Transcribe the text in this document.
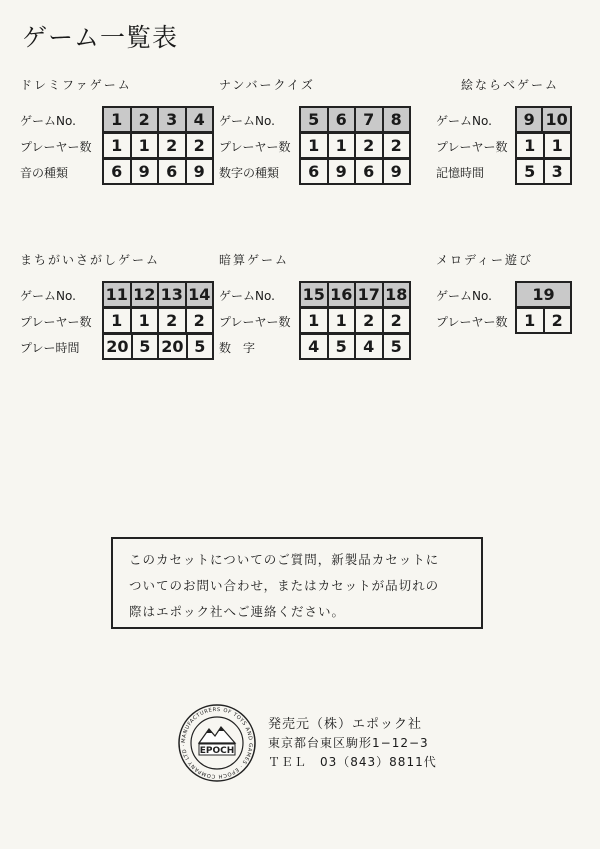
ゲーム一覧表
ドレミファゲーム
ゲームNo. 1	2	3	4
プレーヤー数 1	1	2	2
音の種類	6	9	6	9
ナンバークイズ
ゲームNo. 5	6	7	8
プレーヤー数 1	1	2	2
数字の種類 6	9	6	9
絵ならべゲーム
ゲームNo. 9	10
プレーヤー数 1	1
記憶時間	5	3
まちがいさがしゲーム
ゲームNo. 11	12	13	14
プレーヤー数 1	1	2	2
プレー時間 20	5	20	5
暗算ゲーム
ゲームNo. 15	16	17	18
プレーヤー数 1	1	2	2
数　字	4	5	4	5
メロディー遊び
ゲームNo.	19
プレーヤー数 1	2
このカセットについてのご質問，新製品カセットに
ついてのお問い合わせ，またはカセットが品切れの
際はエポック社へご連絡ください。
MANUFACTURERS OF TOYS AND GAMES · EPOCH COMPANY LTD ·
EPOCH
発売元（株）エポック社
東京都台東区駒形1−12−3
ＴＥＬ　03（843）8811代
